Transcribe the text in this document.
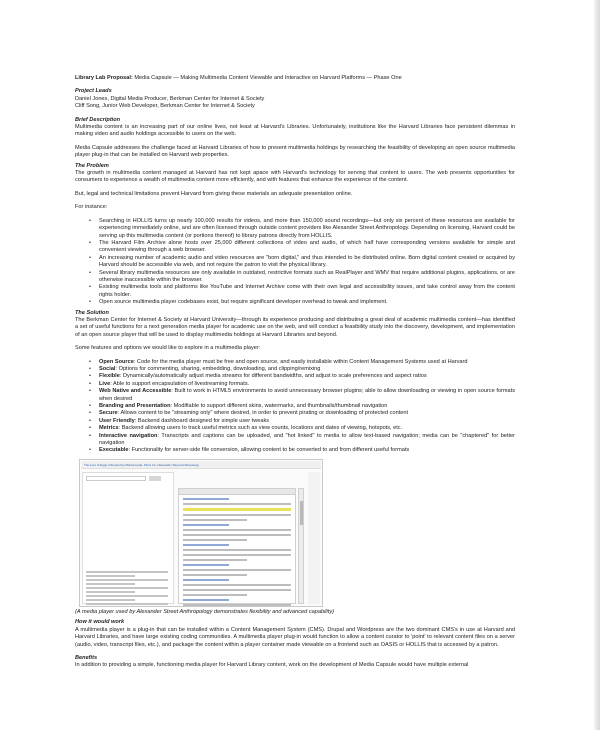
Library Lab Proposal: Media Capsule — Making Multimedia Content Viewable and Interactive on Harvard Platforms — Phase One
Project Leads
Daniel Jones, Digital Media Producer, Berkman Center for Internet & Society
Cliff Song, Junior Web Developer, Berkman Center for Internet & Society
Brief Description
Multimedia content is an increasing part of our online lives, not least at Harvard's Libraries. Unfortunately, institutions like the Harvard Libraries face persistent dilemmas in making video and audio holdings accessible to users on the web.
Media Capsule addresses the challenge faced at Harvard Libraries of how to present multimedia holdings by researching the feasibility of developing an open source multimedia player plug-in that can be installed on Harvard web properties.
The Problem
The growth in multimedia content managed at Harvard has not kept apace with Harvard's technology for serving that content to users. The web presents opportunities for consumers to experience a wealth of multimedia content more efficiently, and with features that enhance the experience of the content.
But, legal and technical limitations prevent Harvard from giving these materials an adequate presentation online.
For instance:
• Searching in HOLLIS turns up nearly 100,000 results for videos, and more than 150,000 sound recordings—but only six percent of these resources are available for experiencing immediately online, and are often licensed through outside content providers like Alexander Street Anthropology. Depending on licensing, Harvard could be serving up this multimedia content (or portions thereof) to library patrons directly from HOLLIS.
• The Harvard Film Archive alone hosts over 25,000 different collections of video and audio, of which half have corresponding versions available for simple and convenient viewing through a web browser.
• An increasing number of academic audio and video resources are "born digital," and thus intended to be distributed online. Born digital content created or acquired by Harvard should be accessible via web, and not require the patron to visit the physical library.
• Several library multimedia resources are only available in outdated, restrictive formats such as RealPlayer and WMV that require additional plugins, applications, or are otherwise inaccessible within the browser.
• Existing multimedia tools and platforms like YouTube and Internet Archive come with their own legal and accessibility issues, and take control away from the content rights holder.
• Open source multimedia player codebases exist, but require significant developer overhead to tweak and implement.
The Solution
The Berkman Center for Internet & Society at Harvard University—through its experience producing and distributing a great deal of academic multimedia content—has identified a set of useful functions for a next generation media player for academic use on the web, and will conduct a feasibility study into the discovery, development, and implementation of an open source player that will be used to display multimedia holdings at Harvard Libraries and beyond.
Some features and options we would like to explore in a multimedia player:
• Open Source: Code for the media player must be free and open source, and easily installable within Content Management Systems used at Harvard
• Social: Options for commenting, sharing, embedding, downloading, and clipping/remixing
• Flexible: Dynamically/automatically adjust media streams for different bandwidths, and adjust to scale preferences and aspect ratios
• Live: Able to support encapsulation of livestreaming formats.
• Web Native and Accessible: Built to work in HTML5 environments to avoid unnecessary browser plugins; able to allow downloading or viewing in open source formats when desired
• Branding and Presentation: Modifiable to support different skins, watermarks, and thumbnails/thumbnail navigation
• Secure: Allows content to be "streaming only" where desired, in order to prevent pirating or downloading of protected content
• User Friendly: Backend dashboard designed for simple user tweaks
• Metrics: Backend allowing users to track useful metrics such as view counts, locations and dates of viewing, hotspots, etc.
• Interactive navigation: Transcripts and captions can be uploaded, and "hot linked" to media to allow text-based navigation; media can be "chaptered" for better navigation
• Executable: Functionality for server-side file conversion, allowing content to be converted to and from different useful formats
The Lure of Eggs | Directed by Marcia Hyde, Films Inc | Alexander Street Anthropology
(A media player used by Alexander Street Anthropology demonstrates flexibility and advanced capability)
How it would work
A multimedia player is a plug-in that can be installed within a Content Management System (CMS). Drupal and Wordpress are the two dominant CMS's in use at Harvard and Harvard Libraries, and have large existing coding communities. A multimedia player plug-in would function to allow a content curator to 'point' to relevant content files on a server (audio, video, transcript files, etc.), and package the content within a player container made viewable on a frontend such as OASIS or HOLLIS that is accessed by a patron.
Benefits
In addition to providing a simple, functioning media player for Harvard Library content, work on the development of Media Capsule would have multiple external
